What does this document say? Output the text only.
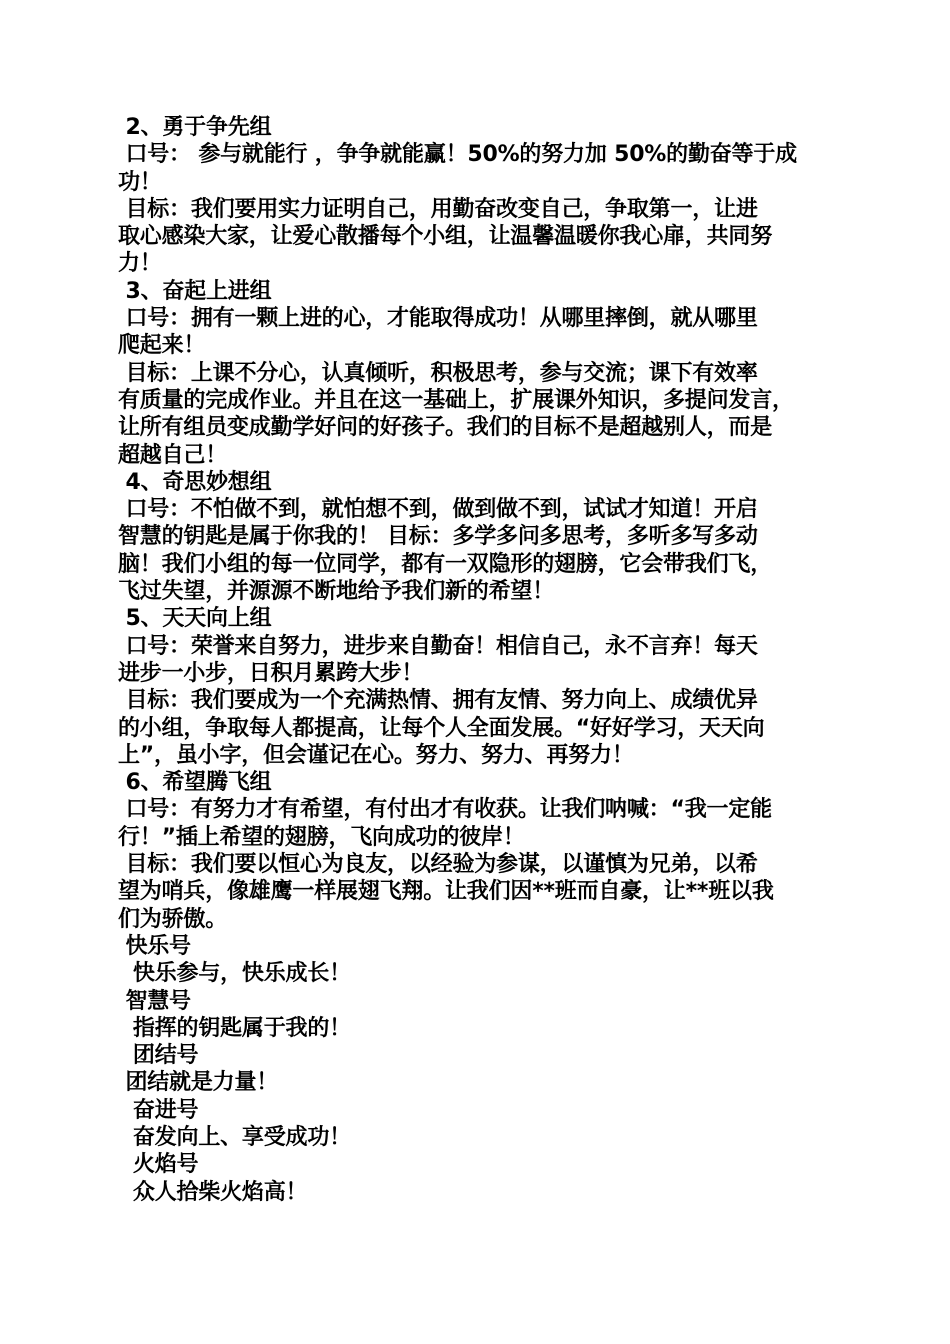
2、勇于争先组
口号： 参与就能行 ，争争就能赢！50%的努力加 50%的勤奋等于成
功！
目标：我们要用实力证明自己，用勤奋改变自己，争取第一，让进
取心感染大家，让爱心散播每个小组，让温馨温暖你我心扉，共同努
力！
3、奋起上进组
口号：拥有一颗上进的心，才能取得成功！从哪里摔倒，就从哪里
爬起来！
目标：上课不分心，认真倾听，积极思考，参与交流；课下有效率
有质量的完成作业。并且在这一基础上，扩展课外知识，多提问发言，
让所有组员变成勤学好问的好孩子。我们的目标不是超越别人，而是
超越自己！
4、奇思妙想组
口号：不怕做不到，就怕想不到，做到做不到，试试才知道！开启
智慧的钥匙是属于你我的！ 目标：多学多问多思考，多听多写多动
脑！我们小组的每一位同学，都有一双隐形的翅膀，它会带我们飞，
飞过失望，并源源不断地给予我们新的希望！
5、天天向上组
口号：荣誉来自努力，进步来自勤奋！相信自己，永不言弃！每天
进步一小步，日积月累跨大步！
目标：我们要成为一个充满热情、拥有友情、努力向上、成绩优异
的小组，争取每人都提高，让每个人全面发展。“好好学习，天天向
上”，虽小字，但会谨记在心。努力、努力、再努力！
6、希望腾飞组
口号：有努力才有希望，有付出才有收获。让我们呐喊：“我一定能
行！”插上希望的翅膀，飞向成功的彼岸！
目标：我们要以恒心为良友，以经验为参谋，以谨慎为兄弟，以希
望为哨兵，像雄鹰一样展翅飞翔。让我们因**班而自豪，让**班以我
们为骄傲。
快乐号
快乐参与，快乐成长！
智慧号
指挥的钥匙属于我的！
团结号
团结就是力量！
奋进号
奋发向上、享受成功！
火焰号
众人拾柴火焰高！
